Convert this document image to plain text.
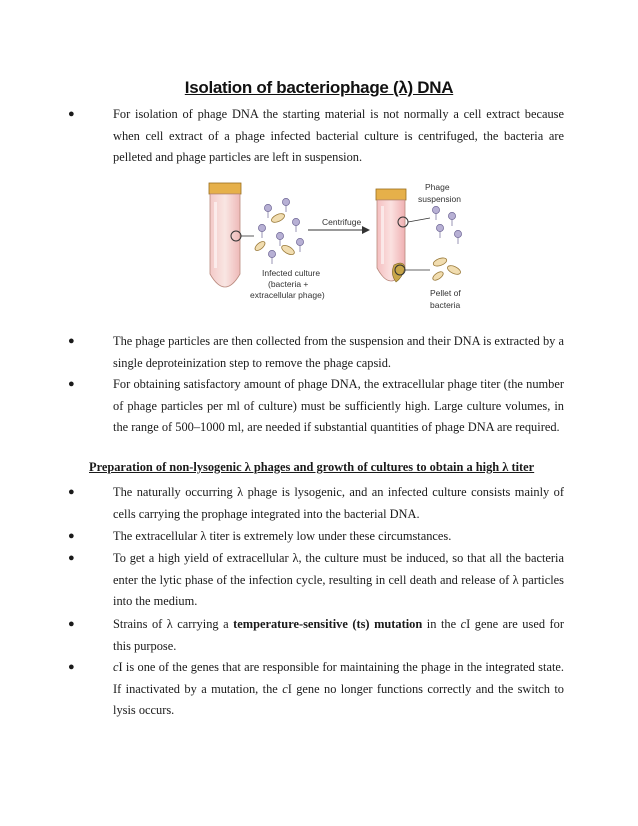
Isolation of bacteriophage (λ) DNA
●	For isolation of phage DNA the starting material is not normally a cell extract because when cell extract of a phage infected bacterial culture is centrifuged, the bacteria are pelleted and phage particles are left in suspension.
Centrifuge
Phage
suspension
Infected culture
(bacteria +
extracellular phage)	Pellet of
bacteria
●	The phage particles are then collected from the suspension and their DNA is extracted by a single deproteinization step to remove the phage capsid.
●	For obtaining satisfactory amount of phage DNA, the extracellular phage titer (the number of phage particles per ml of culture) must be sufficiently high. Large culture volumes, in the range of 500–1000 ml, are needed if substantial quantities of phage DNA are required.
Preparation of non-lysogenic λ phages and growth of cultures to obtain a high λ titer
●	The naturally occurring λ phage is lysogenic, and an infected culture consists mainly of cells carrying the prophage integrated into the bacterial DNA.
●	The extracellular λ titer is extremely low under these circumstances.
●	To get a high yield of extracellular λ, the culture must be induced, so that all the bacteria enter the lytic phase of the infection cycle, resulting in cell death and release of λ particles into the medium.
●	Strains of λ carrying a temperature-sensitive (ts) mutation in the cI gene are used for this purpose.
●	cI is one of the genes that are responsible for maintaining the phage in the integrated state. If inactivated by a mutation, the cI gene no longer functions correctly and the switch to lysis occurs.
